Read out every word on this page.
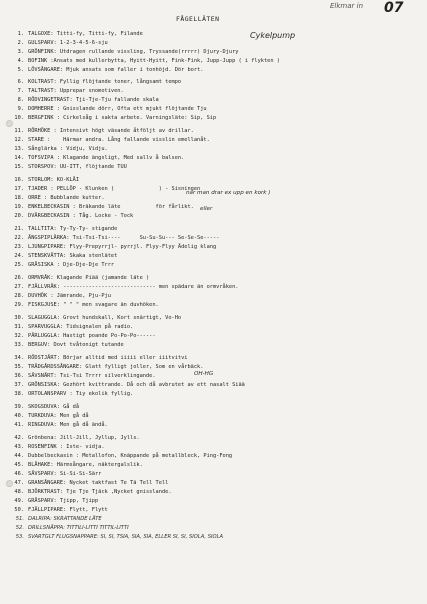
Elkmar in 07
FÅGELLÄTEN
1. TALGOXE: Titti-fy, Titti-fy, Filande
2. GULSPARV: 1-2-3-4-5-6-sju
3. GRÖNFINK: Utdragen rullande vissling, Tryssande(rrrrr) Djury-Djury
4. BOFINK :Ansats med kullerbytta, Hyitt-Hyitt, Fink-Fink, Jupp-Jupp ( i flykten )
5. LÖVSÅNGARE: Mjuk ansats som faller i tonhöjd. Dör bort.
6. KOLTRAST: Fyllig flöjtande toner, långsamt tempo
7. TALTRAST: Upprepar snomotiven.
8. RÖDVINGETRAST: Tji-Tje-Tju fallande skala
9. DOMHERRE : Gnisslande dörr, Ofta ett mjukt flöjtande Tju
10. BERGFINK : Cirkelsåg i sakta arbete. Varningsläte: Sip, Sip
11. RÖRHÖKE : Intensivt högt väsande åtföljt av drillar.
12. STARE :    Härmar andra. Lång fallande visslin emellanåt.
13. Sånglärka : Vidju, Vidju.
14. TOFSVIPA : Klagande ängsligt, Med sallv å balsen.
15. STORSPOV: UU-ITT, flöjtande TUU
16. STORLOM: KO-KLÅI
17. TJADER : PELLÖP - Klunken (              ) - Sisningen
18. ORRE : Bubblande kutter.
19. ENKELBECKASIN : Bräkande läte           för fårlikt.
20. DVÄRGBECKASIN : Tåg. Locke - Tock
21. TALLTITA: Ty-Ty-Ty- stigande
22. ÄNGSPIPLÄRKA: Tsi-Tsi-Tsi----      Su-Su-Su--- Se-Se-Se-----
23. LJUNGPIPARE: Flyy-Prepyrrjl- pyrrjl. Flyy-Flyy Ädelig klang
24. STENSKVÄTTA: Skaka stenlätet
25. GRÅSISKA : Dje-Dje-Dje Trrr
26. ORMVRÅK: Klagande Piää (jamande läte )
27. FJÄLLVRÅK: ----------------------------- men spädare än ormvråken.
28. DUVHÖK : Jämrande, Pju-Pju
29. FISKGJUSE: " " " men svagare än duvhöken.
30. SLAGUGGLA: Grovt hundskall, Kort snärtigt, Vo-Ho
31. SPARVUGGLA: Tidsignalen på radio.
32. PÄRLUGGLA: Hastigt poande Po-Po-Po------
33. BERGUV: Dovt tvåtonigt tutande
34. RÖDSTJÄRT: Börjar alltid med iiiii eller iiitvitvi
35. TRÄDGÅRDSSÅNGARE: Glatt fylligt joller, Som en vårbäck.
36. SÄVSNÄRT: Tsi-Tsi Trrrr silverklingande.
37. GRÖNSISKA: Gezhört kvittrande. Då och då avbrutet av ett nasalt Siää
38. ORTOLANSPARV : Tiy ekolik fyllig.
39. SKOGSDUVA: Gå då
40. TURKDUVA: Men gå då
41. RINGDUVA: Men gå då ändå.
42. Grönbena: Jill-Jill, Jyllup, Jylls.
43. ROSENFINK : Iste- vidja.
44. Dubbelbeckasin : Metallofon, Knäppande på metallbleck, Ping-Fong
45. BLÅHAKE: Härmsångare, näktergalslik.
46. SÄVSPARV: Si-Si-Si-Särr
47. GRANSÅNGARE: Nycket taktfast Te Tä Tell Tell
48. BJÖRKTRAST: Tje Tje Tjäck ,Nycket gnisslande.
49. GRÅSPARV: Tjipp, Tjipp
50. FJÄLLPIPARE: Flytt, Flytt
51. DALRIPA: SKRATTANDE LÄTE
52. DRILLSNÄPPA: TITTILI-LITTI TITTIL-LITTI
53. SVARTGLT FLUGSNAPPARE: SI, SI, TSIA, SIA, SIA, ELLER SI, SI, SIOLA, SIOLA
Cykelpump
nar man drar ex upp en kork )
eller
OH-HG
